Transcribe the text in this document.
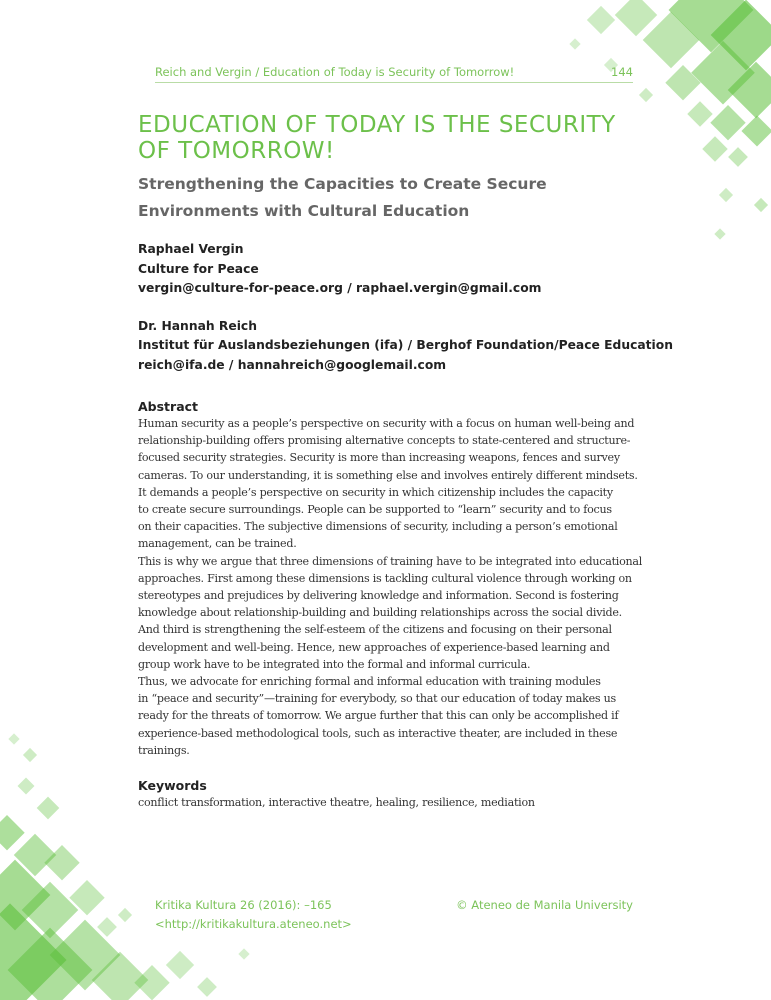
Reich and Vergin / Education of Today is Security of Tomorrow!	144
EDUCATION OF TODAY IS THE SECURITY OF TOMORROW!
Strengthening the Capacities to Create Secure Environments with Cultural Education
Raphael Vergin
Culture for Peace
vergin@culture-for-peace.org / raphael.vergin@gmail.com
Dr. Hannah Reich
Institut für Auslandsbeziehungen (ifa) / Berghof Foundation/Peace Education
reich@ifa.de / hannahreich@googlemail.com
Abstract

Human security as a people’s perspective on security with a focus on human well-being and
relationship-building offers promising alternative concepts to state-centered and structure-
focused security strategies. Security is more than increasing weapons, fences and survey
cameras. To our understanding, it is something else and involves entirely different mindsets.
It demands a people’s perspective on security in which citizenship includes the capacity
to create secure surroundings. People can be supported to “learn” security and to focus
on their capacities. The subjective dimensions of security, including a person’s emotional
management, can be trained.
This is why we argue that three dimensions of training have to be integrated into educational
approaches. First among these dimensions is tackling cultural violence through working on
stereotypes and prejudices by delivering knowledge and information. Second is fostering
knowledge about relationship-building and building relationships across the social divide.
And third is strengthening the self-esteem of the citizens and focusing on their personal
development and well-being. Hence, new approaches of experience-based learning and
group work have to be integrated into the formal and informal curricula.
Thus, we advocate for enriching formal and informal education with training modules
in “peace and security”—training for everybody, so that our education of today makes us
ready for the threats of tomorrow. We argue further that this can only be accomplished if
experience-based methodological tools, such as interactive theater, are included in these
trainings.

Keywords

conflict transformation, interactive theatre, healing, resilience, mediation

Kritika Kultura 26 (2016): –165	© Ateneo de Manila University
<http://kritikakultura.ateneo.net>
